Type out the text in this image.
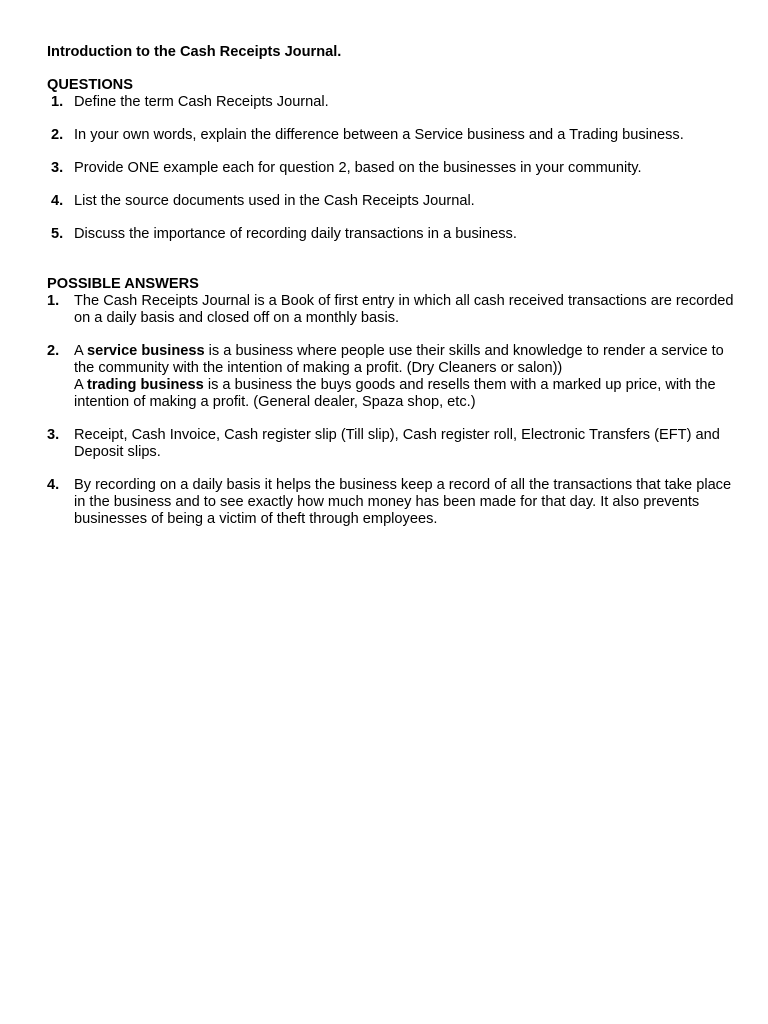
Introduction to the Cash Receipts Journal.
QUESTIONS
1. Define the term Cash Receipts Journal.
2. In your own words, explain the difference between a Service business and a Trading business.
3. Provide ONE example each for question 2, based on the businesses in your community.
4. List the source documents used in the Cash Receipts Journal.
5. Discuss the importance of recording daily transactions in a business.
POSSIBLE ANSWERS
1.	The Cash Receipts Journal is a Book of first entry in which all cash received transactions are recorded on a daily basis and closed off on a monthly basis.
2.	A service business is a business where people use their skills and knowledge to render a service to the community with the intention of making a profit. (Dry Cleaners or salon))

A trading business is a business the buys goods and resells them with a marked up price, with the intention of making a profit. (General dealer, Spaza shop, etc.)

3.	Receipt, Cash Invoice, Cash register slip (Till slip), Cash register roll, Electronic Transfers (EFT) and Deposit slips.
4.	By recording on a daily basis it helps the business keep a record of all the transactions that take place in the business and to see exactly how much money has been made for that day. It also prevents businesses of being a victim of theft through employees.
